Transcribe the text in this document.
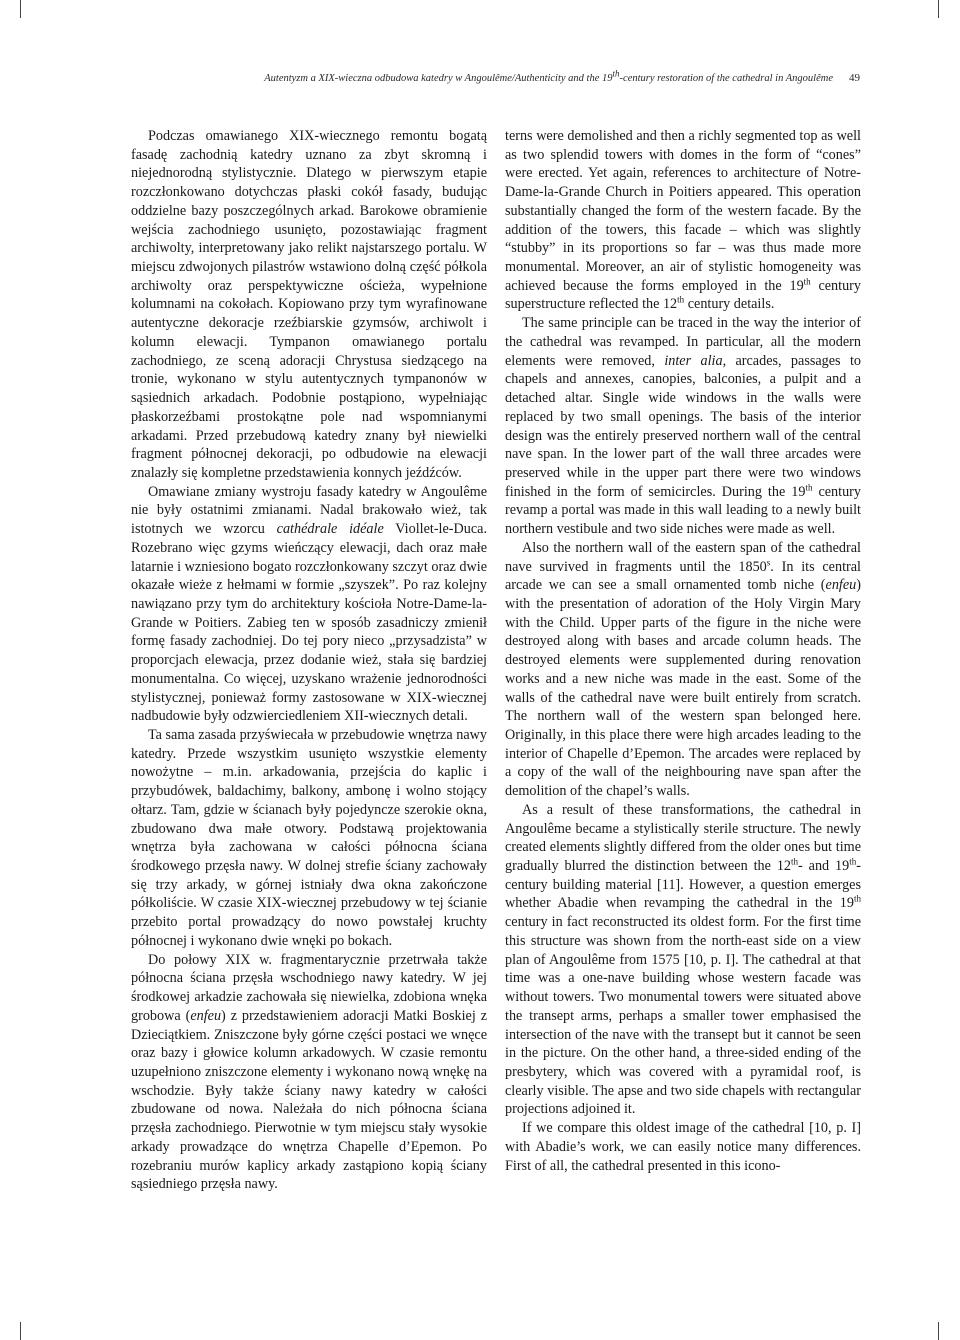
Autentyzm a XIX-wieczna odbudowa katedry w Angoulême/Authenticity and the 19th-century restoration of the cathedral in Angoulême 49

Podczas omawianego XIX-wiecznego remontu bogatą fasadę zachodnią katedry uznano za zbyt skromną i niejednorodną stylistycznie. Dlatego w pierwszym etapie rozczłonkowano dotychczas płaski cokół fasady, budując oddzielne bazy poszczególnych arkad. Barokowe obramienie wejścia zachodniego usunięto, pozostawiając fragment archiwolty, interpretowany jako relikt najstarszego portalu. W miejscu zdwojonych pilastrów wstawiono dolną część półkola archiwolty oraz perspektywiczne ościeża, wypełnione kolumnami na cokołach. Kopiowano przy tym wyrafinowane autentyczne dekoracje rzeźbiarskie gzymsów, archiwolt i kolumn elewacji. Tympanon omawianego portalu zachodniego, ze sceną adoracji Chrystusa siedzącego na tronie, wykonano w stylu autentycznych tympanonów w sąsiednich arkadach. Podobnie postąpiono, wypełniając płaskorzeźbami prostokątne pole nad wspomnianymi arkadami. Przed przebudową katedry znany był niewielki fragment północnej dekoracji, po odbudowie na elewacji znalazły się kompletne przedstawienia konnych jeźdźców.

Omawiane zmiany wystroju fasady katedry w Angoulême nie były ostatnimi zmianami. Nadal brakowało wież, tak istotnych we wzorcu cathédrale idéale Viollet-le-Duca. Rozebrano więc gzyms wieńczący elewacji, dach oraz małe latarnie i wzniesiono bogato rozczłonkowany szczyt oraz dwie okazałe wieże z hełmami w formie „szyszek”. Po raz kolejny nawiązano przy tym do architektury kościoła Notre-Dame-la-Grande w Poitiers. Zabieg ten w sposób zasadniczy zmienił formę fasady zachodniej. Do tej pory nieco „przysadzista” w proporcjach elewacja, przez dodanie wież, stała się bardziej monumentalna. Co więcej, uzyskano wrażenie jednorodności stylistycznej, ponieważ formy zastosowane w XIX-wiecznej nadbudowie były odzwierciedleniem XII-wiecznych detali.

Ta sama zasada przyświecała w przebudowie wnętrza nawy katedry. Przede wszystkim usunięto wszystkie elementy nowożytne – m.in. arkadowania, przejścia do kaplic i przybudówek, baldachimy, balkony, ambonę i wolno stojący ołtarz. Tam, gdzie w ścianach były pojedyncze szerokie okna, zbudowano dwa małe otwory. Podstawą projektowania wnętrza była zachowana w całości północna ściana środkowego przęsła nawy. W dolnej strefie ściany zachowały się trzy arkady, w górnej istniały dwa okna zakończone półkoliście. W czasie XIX-wiecznej przebudowy w tej ścianie przebito portal prowadzący do nowo powstałej kruchty północnej i wykonano dwie wnęki po bokach.

Do połowy XIX w. fragmentarycznie przetrwała także północna ściana przęsła wschodniego nawy katedry. W jej środkowej arkadzie zachowała się niewielka, zdobiona wnęka grobowa (enfeu) z przedstawieniem adoracji Matki Boskiej z Dzieciątkiem. Zniszczone były górne części postaci we wnęce oraz bazy i głowice kolumn arkadowych. W czasie remontu uzupełniono zniszczone elementy i wykonano nową wnękę na wschodzie. Były także ściany nawy katedry w całości zbudowane od nowa. Należała do nich północna ściana przęsła zachodniego. Pierwotnie w tym miejscu stały wysokie arkady prowadzące do wnętrza Chapelle d’Epemon. Po rozebraniu murów kaplicy arkady zastąpiono kopią ściany sąsiedniego przęsła nawy.

terns were demolished and then a richly segmented top as well as two splendid towers with domes in the form of “cones” were erected. Yet again, references to architecture of Notre-Dame-la-Grande Church in Poitiers appeared. This operation substantially changed the form of the western facade. By the addition of the towers, this facade – which was slightly “stubby” in its proportions so far – was thus made more monumental. Moreover, an air of stylistic homogeneity was achieved because the forms employed in the 19th century superstructure reflected the 12th century details.

The same principle can be traced in the way the interior of the cathedral was revamped. In particular, all the modern elements were removed, inter alia, arcades, passages to chapels and annexes, canopies, balconies, a pulpit and a detached altar. Single wide windows in the walls were replaced by two small openings. The basis of the interior design was the entirely preserved northern wall of the central nave span. In the lower part of the wall three arcades were preserved while in the upper part there were two windows finished in the form of semicircles. During the 19th century revamp a portal was made in this wall leading to a newly built northern vestibule and two side niches were made as well.

Also the northern wall of the eastern span of the cathedral nave survived in fragments until the 1850$^s$. In its central arcade we can see a small ornamented tomb niche (enfeu) with the presentation of adoration of the Holy Virgin Mary with the Child. Upper parts of the figure in the niche were destroyed along with bases and arcade column heads. The destroyed elements were supplemented during renovation works and a new niche was made in the east. Some of the walls of the cathedral nave were built entirely from scratch. The northern wall of the western span belonged here. Originally, in this place there were high arcades leading to the interior of Chapelle d’Epemon. The arcades were replaced by a copy of the wall of the neighbouring nave span after the demolition of the chapel’s walls.

As a result of these transformations, the cathedral in Angoulême became a stylistically sterile structure. The newly created elements slightly differed from the older ones but time gradually blurred the distinction between the 12th- and 19th-century building material [11]. However, a question emerges whether Abadie when revamping the cathedral in the 19th century in fact reconstructed its oldest form. For the first time this structure was shown from the north-east side on a view plan of Angoulême from 1575 [10, p. I]. The cathedral at that time was a one-nave building whose western facade was without towers. Two monumental towers were situated above the transept arms, perhaps a smaller tower emphasised the intersection of the nave with the transept but it cannot be seen in the picture. On the other hand, a three-sided ending of the presbytery, which was covered with a pyramidal roof, is clearly visible. The apse and two side chapels with rectangular projections adjoined it.

If we compare this oldest image of the cathedral [10, p. I] with Abadie’s work, we can easily notice many differences. First of all, the cathedral presented in this icono-
